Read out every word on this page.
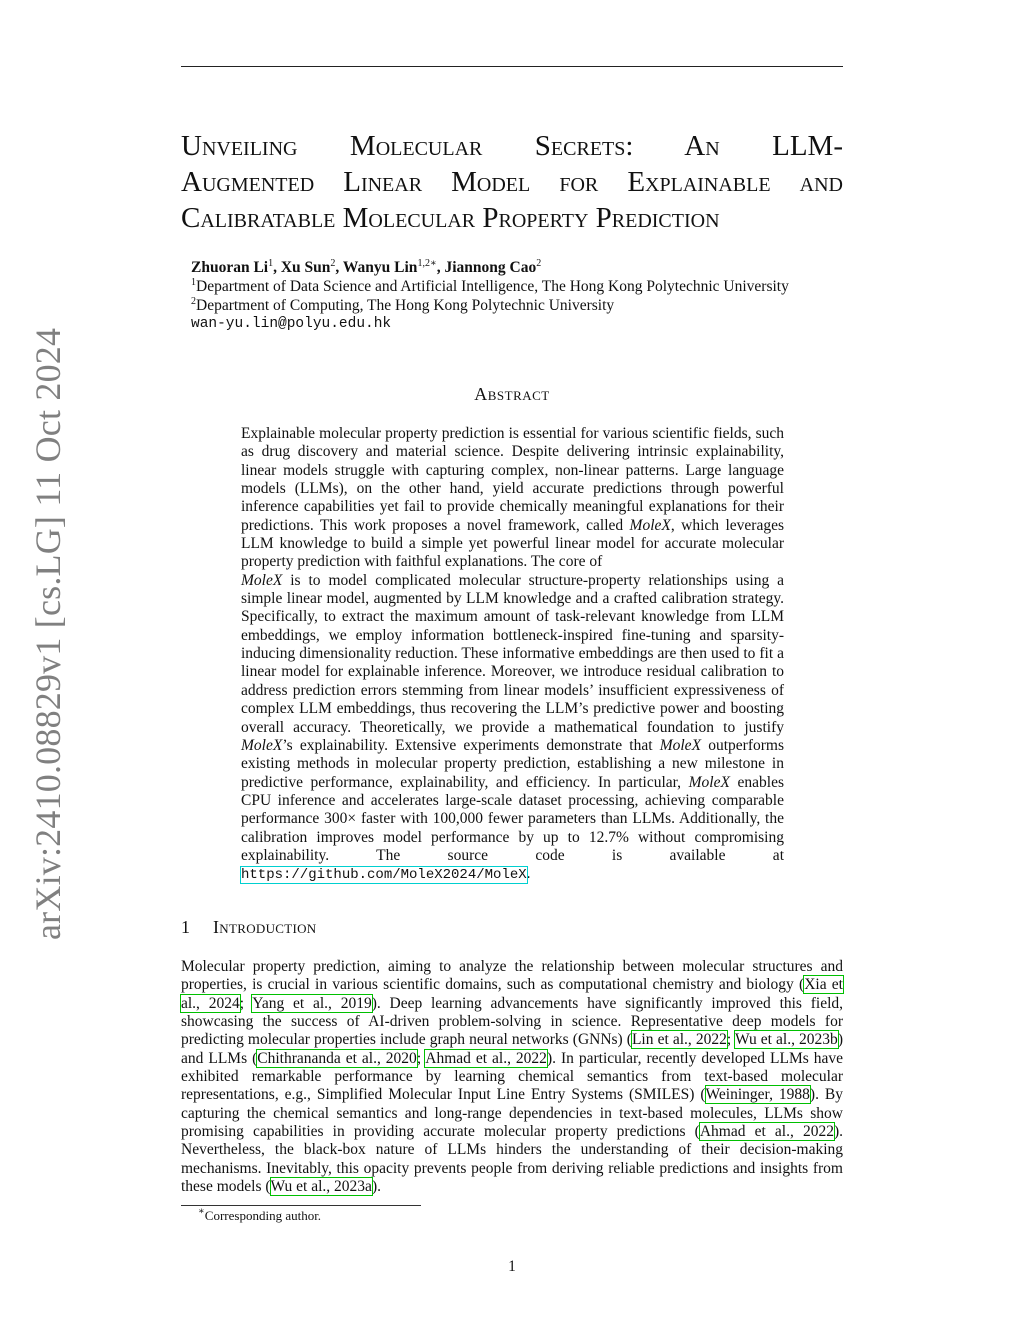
arXiv:2410.08829v1 [cs.LG] 11 Oct 2024
Unveiling Molecular Secrets: An LLM-
Augmented Linear Model for Explainable and
Calibratable Molecular Property Prediction
Zhuoran Li$^1$, Xu Sun$^2$, Wanyu Lin$^{1,2∗}$, Jiannong Cao$^2$
$^1$Department of Data Science and Artificial Intelligence, The Hong Kong Polytechnic University
$^2$Department of Computing, The Hong Kong Polytechnic University
wan-yu.lin@polyu.edu.hk
Abstract

Explainable molecular property prediction is essential for various scientific fields, such as drug discovery and material science. Despite delivering intrinsic explainability, linear models struggle with capturing complex, non-linear patterns. Large language models (LLMs), on the other hand, yield accurate predictions through powerful inference capabilities yet fail to provide chemically meaningful explanations for their predictions. This work proposes a novel framework, called MoleX, which leverages LLM knowledge to build a simple yet powerful linear model for accurate molecular property prediction with faithful explanations. The core of
MoleX is to model complicated molecular structure-property relationships using a simple linear model, augmented by LLM knowledge and a crafted calibration strategy. Specifically, to extract the maximum amount of task-relevant knowledge from LLM embeddings, we employ information bottleneck-inspired fine-tuning and sparsity-inducing dimensionality reduction. These informative embeddings are then used to fit a linear model for explainable inference. Moreover, we introduce residual calibration to address prediction errors stemming from linear models’ insufficient expressiveness of complex LLM embeddings, thus recovering the LLM’s predictive power and boosting overall accuracy. Theoretically, we provide a mathematical foundation to justify MoleX’s explainability. Extensive experiments demonstrate that MoleX outperforms existing methods in molecular property prediction, establishing a new milestone in predictive performance, explainability, and efficiency. In particular, MoleX enables CPU inference and accelerates large-scale dataset processing, achieving comparable performance 300× faster with 100,000 fewer parameters than LLMs. Additionally, the calibration improves model performance by up to 12.7% without compromising explainability. The source code is available at https://github.com/MoleX2024/MoleX.

1 Introduction

Molecular property prediction, aiming to analyze the relationship between molecular structures and properties, is crucial in various scientific domains, such as computational chemistry and biology (Xia et al., 2024; Yang et al., 2019). Deep learning advancements have significantly improved this field, showcasing the success of AI-driven problem-solving in science. Representative deep models for predicting molecular properties include graph neural networks (GNNs) (Lin et al., 2022; Wu et al., 2023b) and LLMs (Chithrananda et al., 2020; Ahmad et al., 2022). In particular, recently developed LLMs have exhibited remarkable performance by learning chemical semantics from text-based molecular representations, e.g., Simplified Molecular Input Line Entry Systems (SMILES) (Weininger, 1988). By capturing the chemical semantics and long-range dependencies in text-based molecules, LLMs show promising capabilities in providing accurate molecular property predictions (Ahmad et al., 2022). Nevertheless, the black-box nature of LLMs hinders the understanding of their decision-making mechanisms. Inevitably, this opacity prevents people from deriving reliable predictions and insights from these models (Wu et al., 2023a).

∗Corresponding author.
1
